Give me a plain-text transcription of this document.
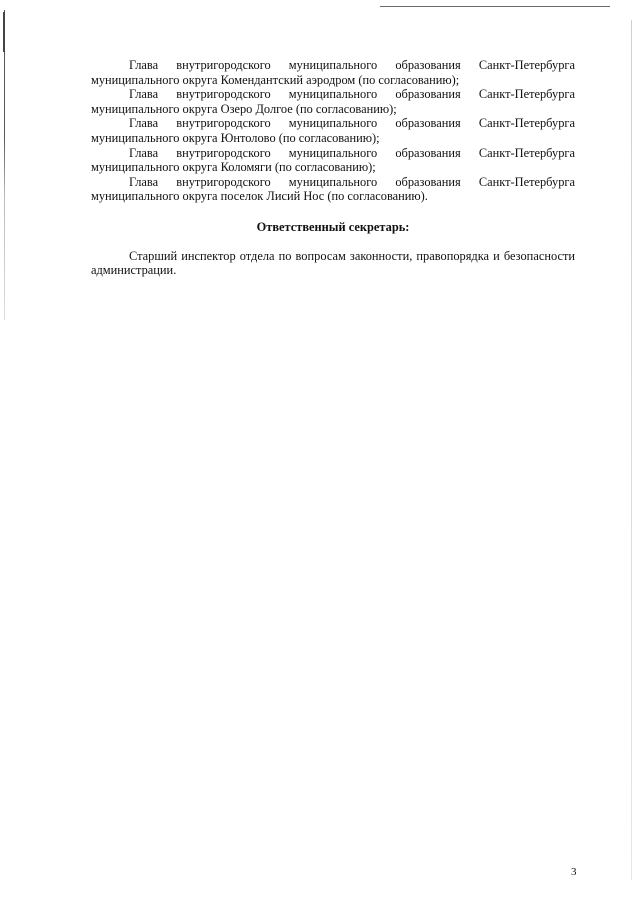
Глава внутригородского муниципального образования Санкт-Петербурга муниципального округа Комендантский аэродром (по согласованию);

Глава внутригородского муниципального образования Санкт-Петербурга муниципального округа Озеро Долгое (по согласованию);

Глава внутригородского муниципального образования Санкт-Петербурга муниципального округа Юнтолово (по согласованию);

Глава внутригородского муниципального образования Санкт-Петербурга муниципального округа Коломяги (по согласованию);

Глава внутригородского муниципального образования Санкт-Петербурга муниципального округа поселок Лисий Нос (по согласованию).

Ответственный секретарь:

Старший инспектор отдела по вопросам законности, правопорядка и безопасности администрации.

3
